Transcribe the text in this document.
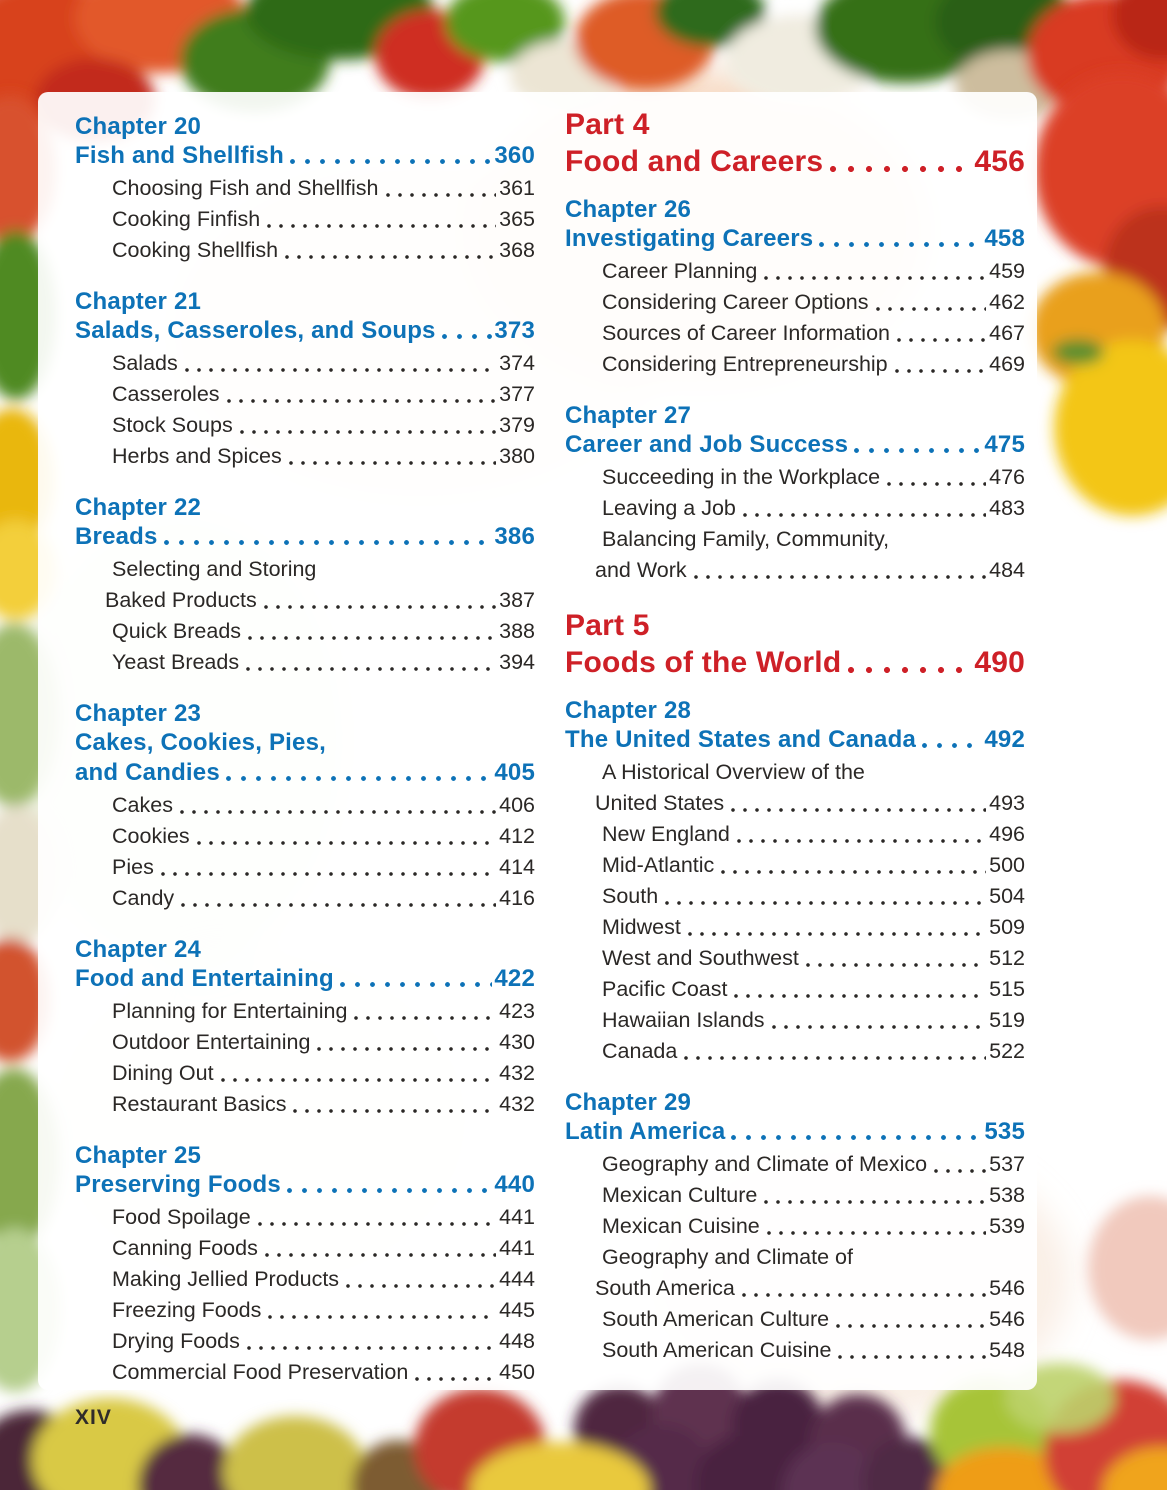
Chapter 20
Fish and Shellfish	360
Choosing Fish and Shellfish	361
Cooking Finfish	365
Cooking Shellfish	368
Chapter 21
Salads, Casseroles, and Soups 373
Salads	374
Casseroles	377
Stock Soups	379
Herbs and Spices	380
Chapter 22
Breads	386
Selecting and Storing
Baked Products	387
Quick Breads	388
Yeast Breads	394
Chapter 23
Cakes, Cookies, Pies,
and Candies	405
Cakes	406
Cookies	412
Pies	414
Candy	416
Chapter 24
Food and Entertaining	422
Planning for Entertaining	423
Outdoor Entertaining	430
Dining Out	432
Restaurant Basics	432
Chapter 25
Preserving Foods	440
Food Spoilage	441
Canning Foods	441
Making Jellied Products	444
Freezing Foods	445
Drying Foods	448
Commercial Food Preservation	450
Part 4
Food and Careers	456
Chapter 26
Investigating Careers	458
Career Planning	459
Considering Career Options	462
Sources of Career Information	467
Considering Entrepreneurship	469
Chapter 27
Career and Job Success	475
Succeeding in the Workplace	476
Leaving a Job	483
Balancing Family, Community,
and Work	484
Part 5
Foods of the World	490
Chapter 28
The United States and Canada	492
A Historical Overview of the
United States	493
New England	496
Mid-Atlantic	500
South	504
Midwest	509
West and Southwest	512
Pacific Coast	515
Hawaiian Islands	519
Canada	522
Chapter 29
Latin America	535
Geography and Climate of Mexico	537
Mexican Culture	538
Mexican Cuisine	539
Geography and Climate of
South America	546
South American Culture	546
South American Cuisine	548
XIV
